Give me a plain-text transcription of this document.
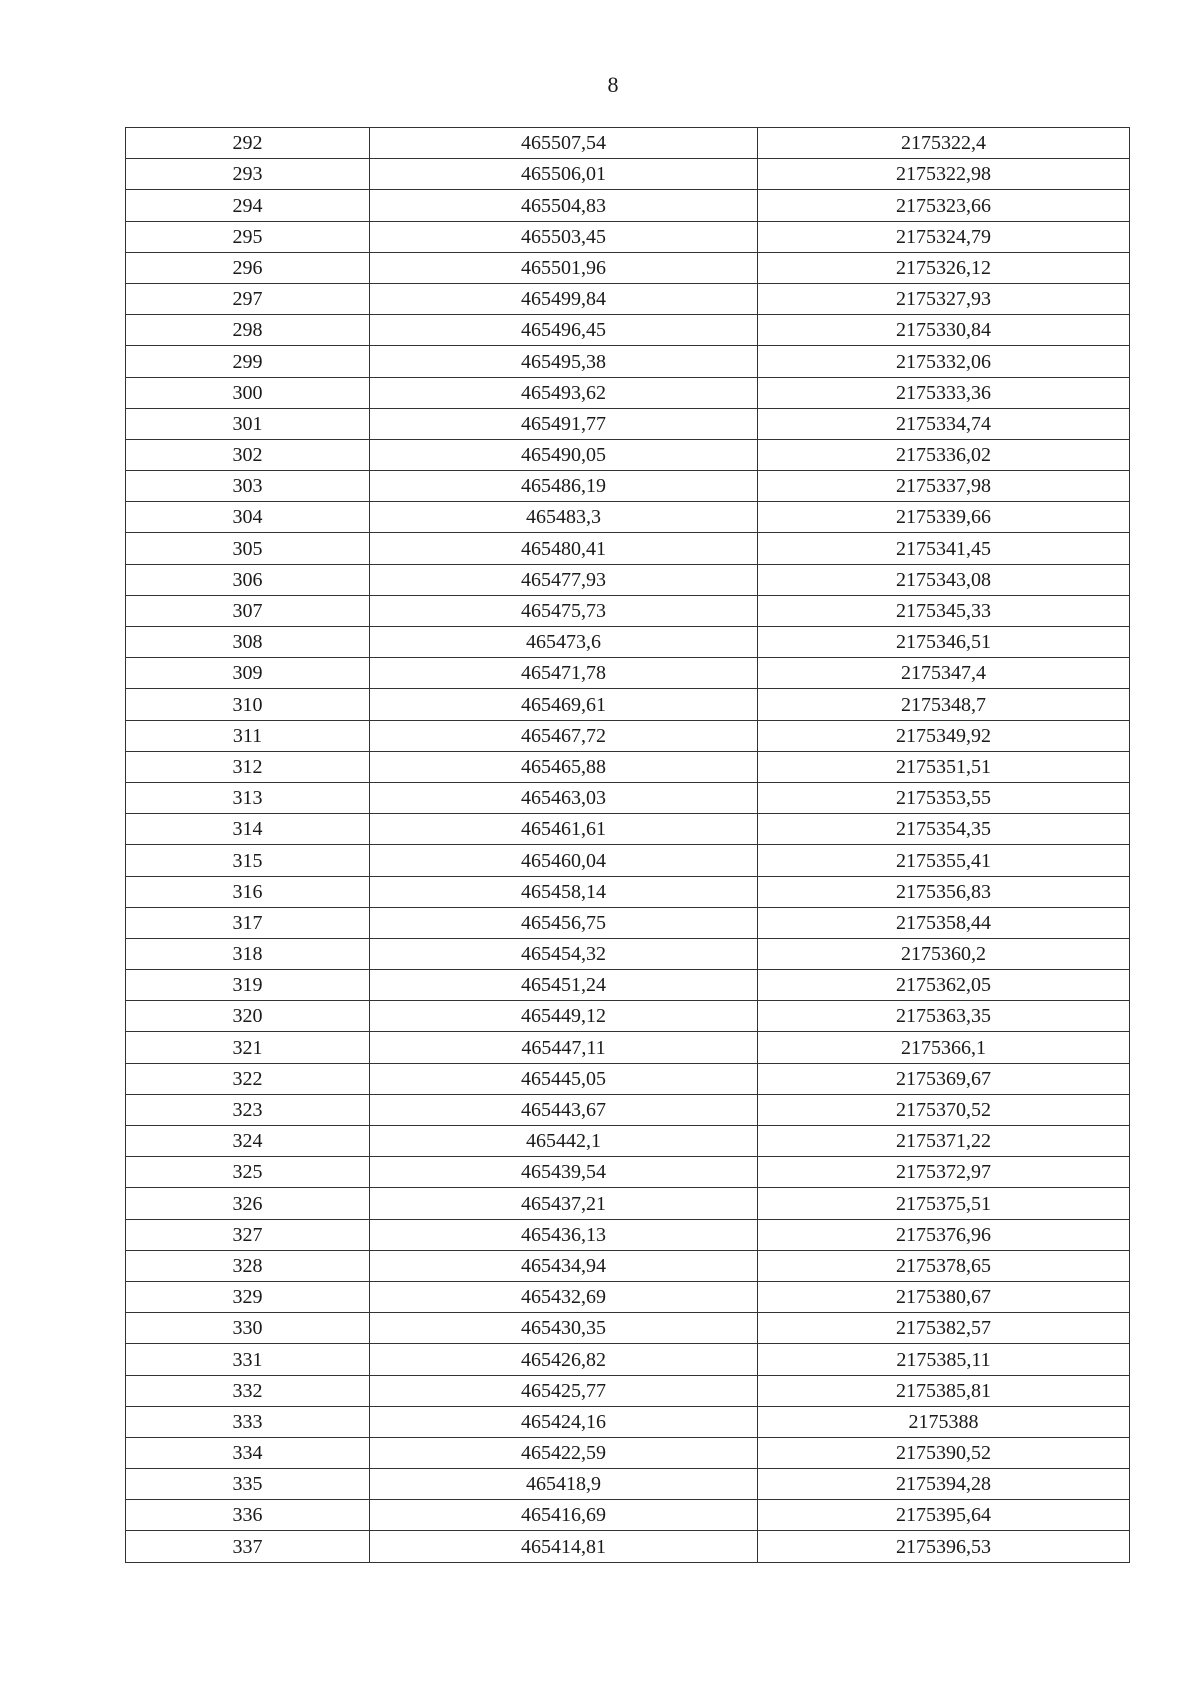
8
292	465507,54	2175322,4
293	465506,01	2175322,98
294	465504,83	2175323,66
295	465503,45	2175324,79
296	465501,96	2175326,12
297	465499,84	2175327,93
298	465496,45	2175330,84
299	465495,38	2175332,06
300	465493,62	2175333,36
301	465491,77	2175334,74
302	465490,05	2175336,02
303	465486,19	2175337,98
304	465483,3	2175339,66
305	465480,41	2175341,45
306	465477,93	2175343,08
307	465475,73	2175345,33
308	465473,6	2175346,51
309	465471,78	2175347,4
310	465469,61	2175348,7
311	465467,72	2175349,92
312	465465,88	2175351,51
313	465463,03	2175353,55
314	465461,61	2175354,35
315	465460,04	2175355,41
316	465458,14	2175356,83
317	465456,75	2175358,44
318	465454,32	2175360,2
319	465451,24	2175362,05
320	465449,12	2175363,35
321	465447,11	2175366,1
322	465445,05	2175369,67
323	465443,67	2175370,52
324	465442,1	2175371,22
325	465439,54	2175372,97
326	465437,21	2175375,51
327	465436,13	2175376,96
328	465434,94	2175378,65
329	465432,69	2175380,67
330	465430,35	2175382,57
331	465426,82	2175385,11
332	465425,77	2175385,81
333	465424,16	2175388
334	465422,59	2175390,52
335	465418,9	2175394,28
336	465416,69	2175395,64
337	465414,81	2175396,53
